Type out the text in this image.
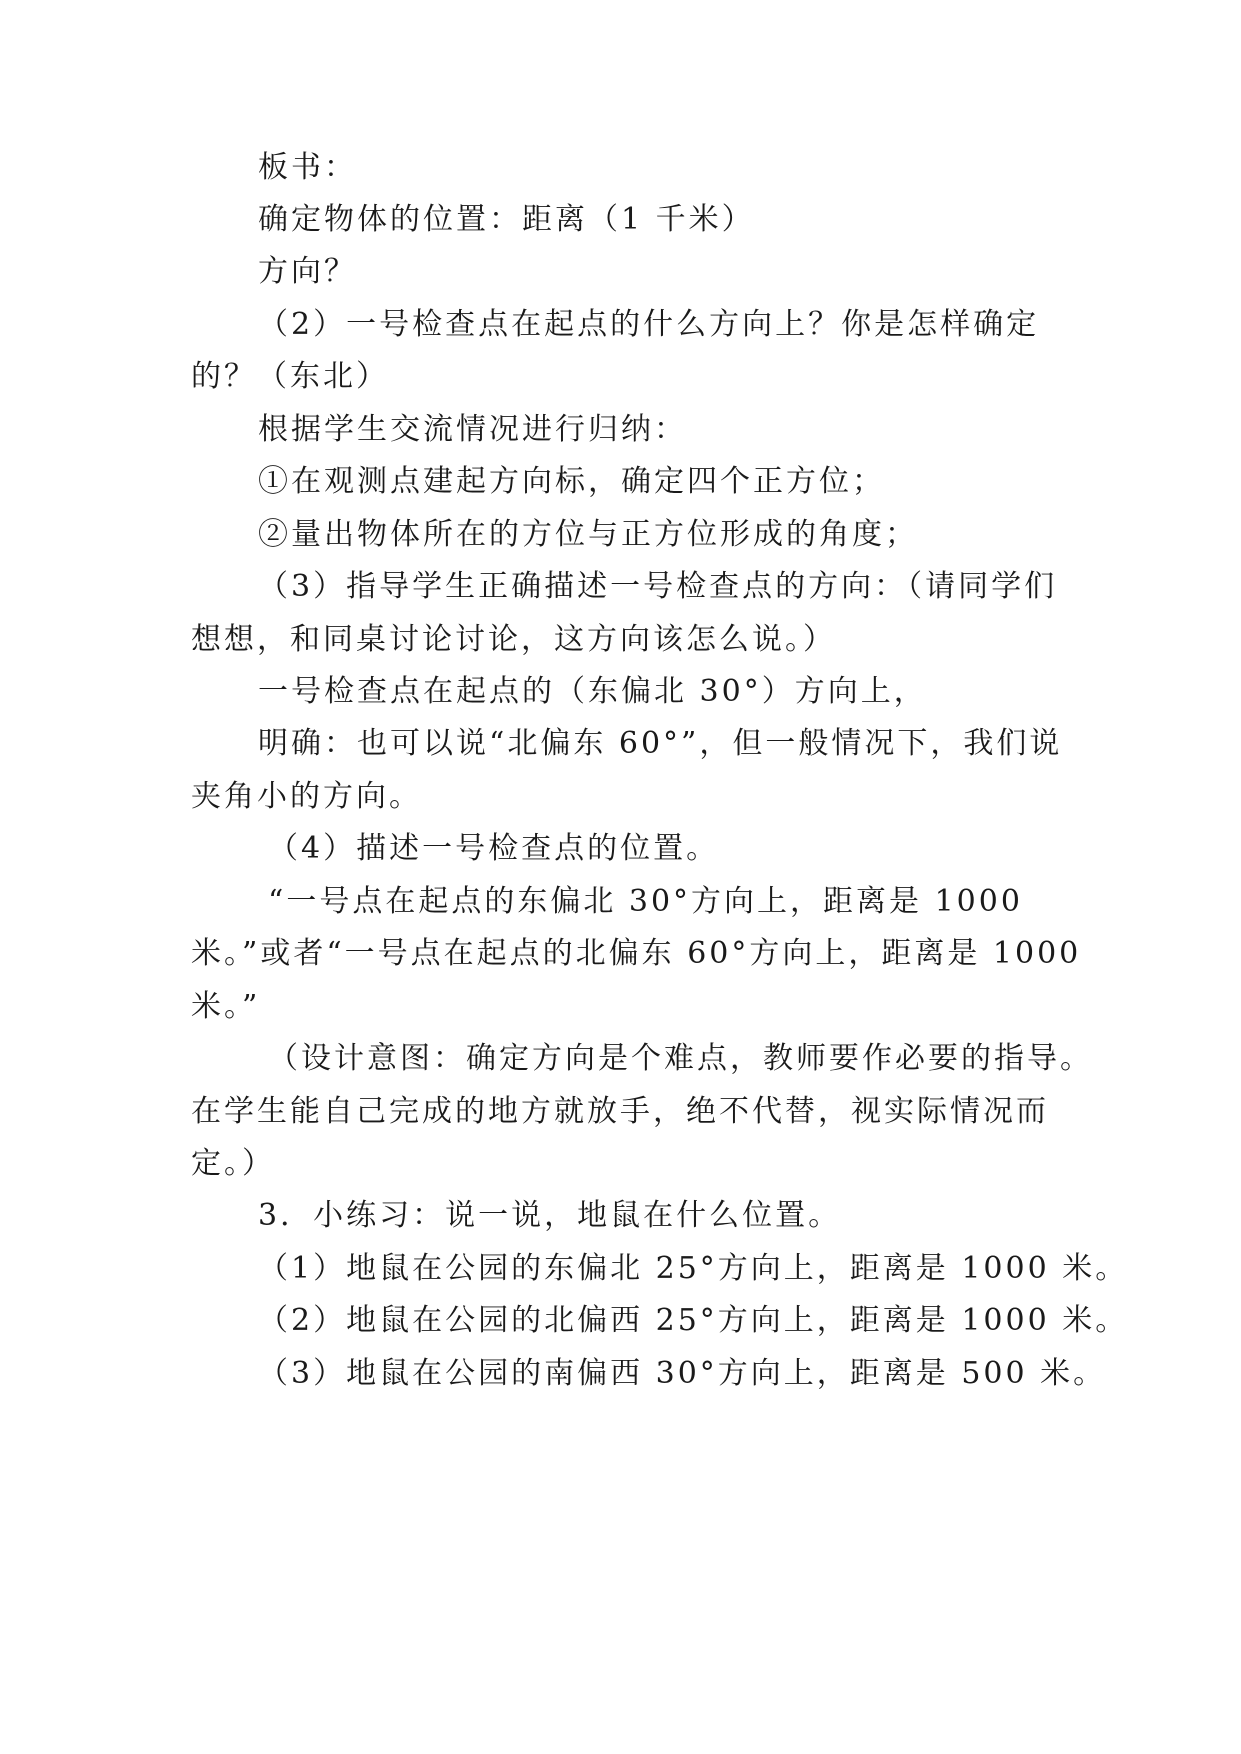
板书：
确定物体的位置：距离（1 千米）
方向？
（2）一号检查点在起点的什么方向上？你是怎样确定
的？（东北）
根据学生交流情况进行归纳：
①在观测点建起方向标，确定四个正方位；
②量出物体所在的方位与正方位形成的角度；
（3）指导学生正确描述一号检查点的方向：（请同学们
想想，和同桌讨论讨论，这方向该怎么说。）
一号检查点在起点的（东偏北 30°）方向上，
明确：也可以说“北偏东 60°”，但一般情况下，我们说
夹角小的方向。
（4）描述一号检查点的位置。
“一号点在起点的东偏北 30°方向上，距离是 1000
米。”或者“一号点在起点的北偏东 60°方向上，距离是 1000
米。”
（设计意图：确定方向是个难点，教师要作必要的指导。
在学生能自己完成的地方就放手，绝不代替，视实际情况而
定。）
3．小练习：说一说，地鼠在什么位置。
（1）地鼠在公园的东偏北 25°方向上，距离是 1000 米。
（2）地鼠在公园的北偏西 25°方向上，距离是 1000 米。
（3）地鼠在公园的南偏西 30°方向上，距离是 500 米。
